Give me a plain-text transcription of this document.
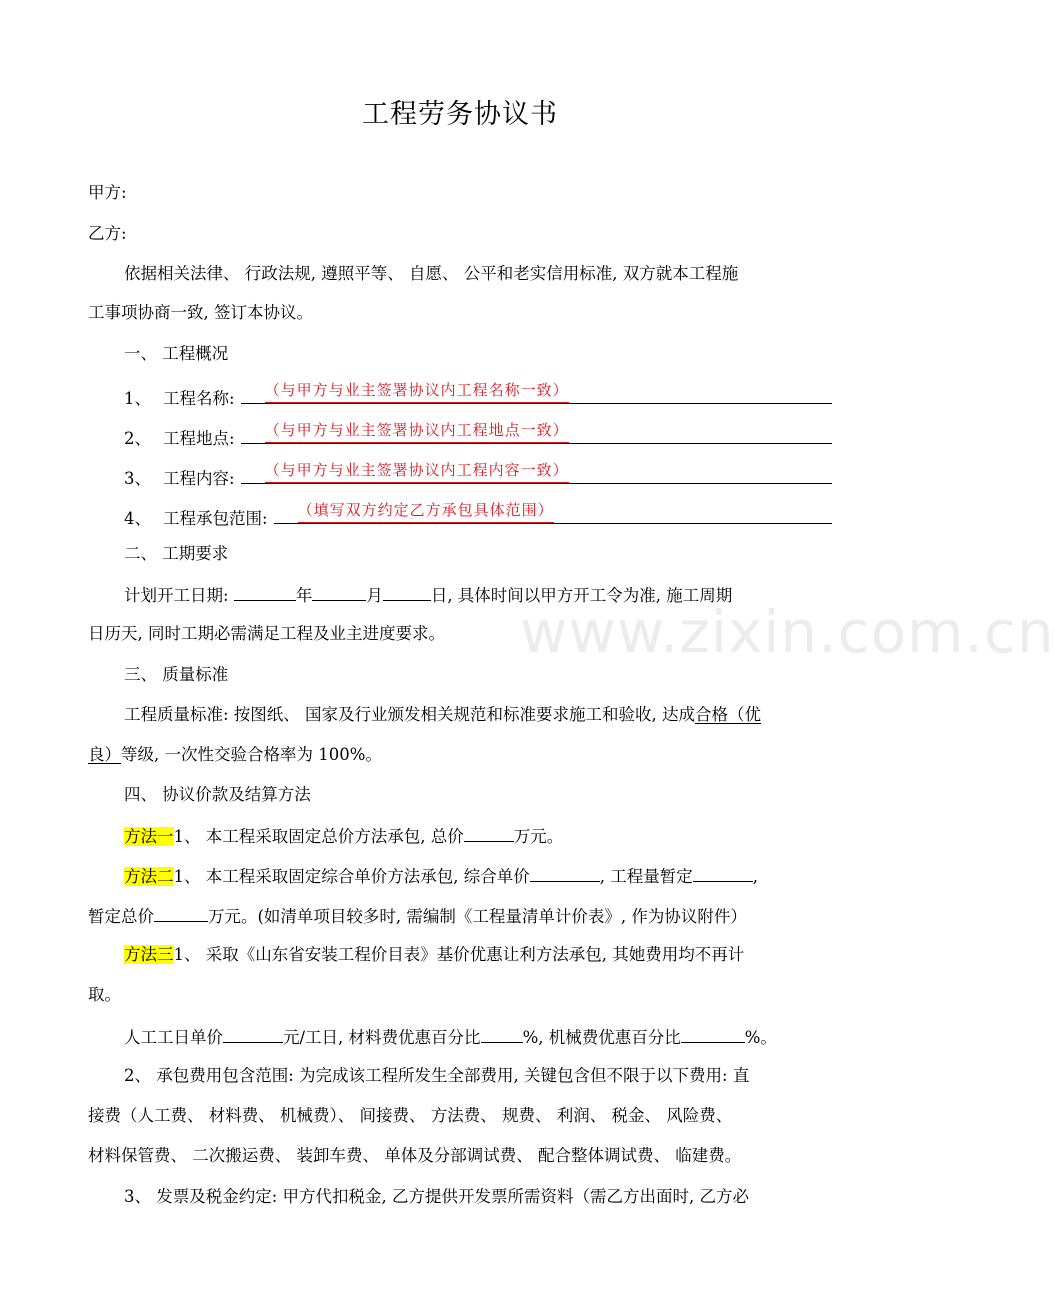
工程劳务协议书
甲方:
乙方:
依据相关法律、 行政法规, 遵照平等、 自愿、 公平和老实信用标准, 双方就本工程施
工事项协商一致, 签订本协议。
一、 工程概况
1、 工程名称: （与甲方与业主签署协议内工程名称一致）
2、 工程地点: （与甲方与业主签署协议内工程地点一致）
3、 工程内容: （与甲方与业主签署协议内工程内容一致）
4、 工程承包范围: （填写双方约定乙方承包具体范围）
二、 工期要求
计划开工日期:	年	月	日, 具体时间以甲方开工令为准, 施工周期
日历天, 同时工期必需满足工程及业主进度要求。	www.zixin.com.cn
三、 质量标准
工程质量标准: 按图纸、 国家及行业颁发相关规范和标准要求施工和验收, 达成合格（优
良）等级, 一次性交验合格率为 100%。
四、 协议价款及结算方法
方法一1、 本工程采取固定总价方法承包, 总价	万元。
方法二1、 本工程采取固定综合单价方法承包, 综合单价	, 工程量暂定	,
暂定总价	万元。(如清单项目较多时, 需编制《工程量清单计价表》, 作为协议附件）
方法三1、 采取《山东省安装工程价目表》基价优惠让利方法承包, 其她费用均不再计
取。
人工工日单价	元/工日, 材料费优惠百分比	%, 机械费优惠百分比	%。
2、 承包费用包含范围: 为完成该工程所发生全部费用, 关键包含但不限于以下费用: 直
接费（人工费、 材料费、 机械费）、 间接费、 方法费、 规费、 利润、 税金、 风险费、
材料保管费、 二次搬运费、 装卸车费、 单体及分部调试费、 配合整体调试费、 临建费。
3、 发票及税金约定: 甲方代扣税金, 乙方提供开发票所需资料（需乙方出面时, 乙方必
